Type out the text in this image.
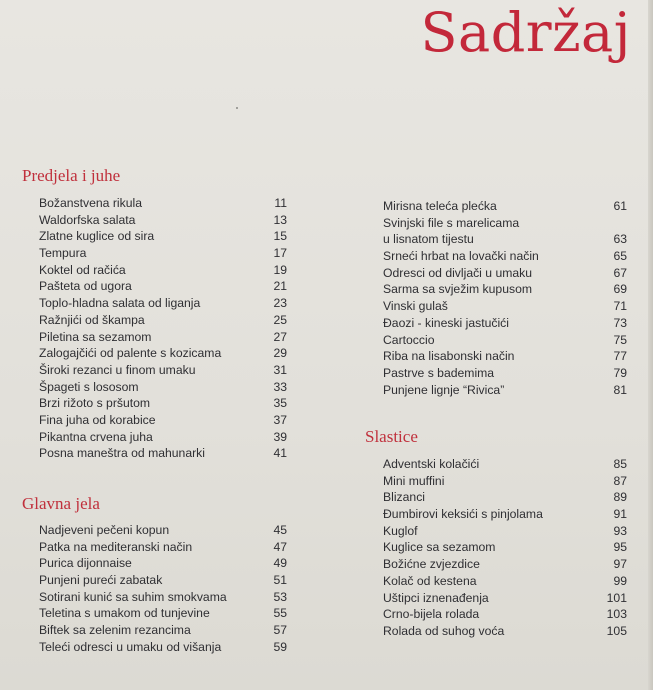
Sadržaj
Predjela i juhe
Božanstvena rikula	11
Waldorfska salata	13
Zlatne kuglice od sira	15
Tempura	17
Koktel od račića	19
Pašteta od ugora	21
Toplo-hladna salata od liganja	23
Ražnjići od škampa	25
Piletina sa sezamom	27
Zalogajčići od palente s kozicama	29
Široki rezanci u finom umaku	31
Špageti s lososom	33
Brzi rižoto s pršutom	35
Fina juha od korabice	37
Pikantna crvena juha	39
Posna maneštra od mahunarki	41
Glavna jela
Nadjeveni pečeni kopun	45
Patka na mediteranski način	47
Purica dijonnaise	49
Punjeni pureći zabatak	51
Sotirani kunić sa suhim smokvama	53
Teletina s umakom od tunjevine	55
Biftek sa zelenim rezancima	57
Teleći odresci u umaku od višanja	59
Mirisna teleća plećka	61
Svinjski file s marelicama
u lisnatom tijestu	63
Srneći hrbat na lovački način	65
Odresci od divljači u umaku	67
Sarma sa svježim kupusom	69
Vinski gulaš	71
Đaozi - kineski jastučići	73
Cartoccio	75
Riba na lisabonski način	77
Pastrve s bademima	79
Punjene lignje “Rivica”	81
Slastice
Adventski kolačići	85
Mini muffini	87
Blizanci	89
Đumbirovi keksići s pinjolama	91
Kuglof	93
Kuglice sa sezamom	95
Božićne zvjezdice	97
Kolač od kestena	99
Uštipci iznenađenja	101
Crno-bijela rolada	103
Rolada od suhog voća	105
